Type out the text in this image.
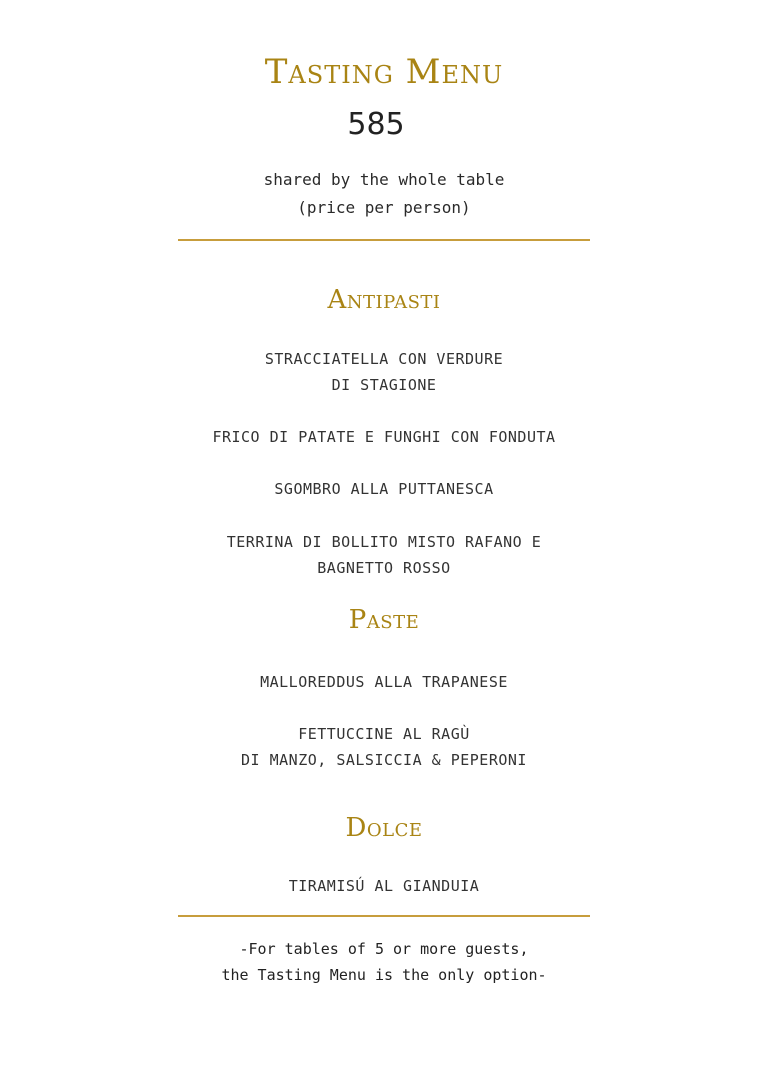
Tasting Menu
585
shared by the whole table
(price per person)
Antipasti
STRACCIATELLA CON VERDURE
DI STAGIONE
FRICO DI PATATE E FUNGHI CON FONDUTA
SGOMBRO ALLA PUTTANESCA
TERRINA DI BOLLITO MISTO RAFANO E
BAGNETTO ROSSO
Paste
MALLOREDDUS ALLA TRAPANESE
FETTUCCINE AL RAGÙ
DI MANZO, SALSICCIA & PEPERONI
Dolce
TIRAMISÚ AL GIANDUIA
-For tables of 5 or more guests,
the Tasting Menu is the only option-
